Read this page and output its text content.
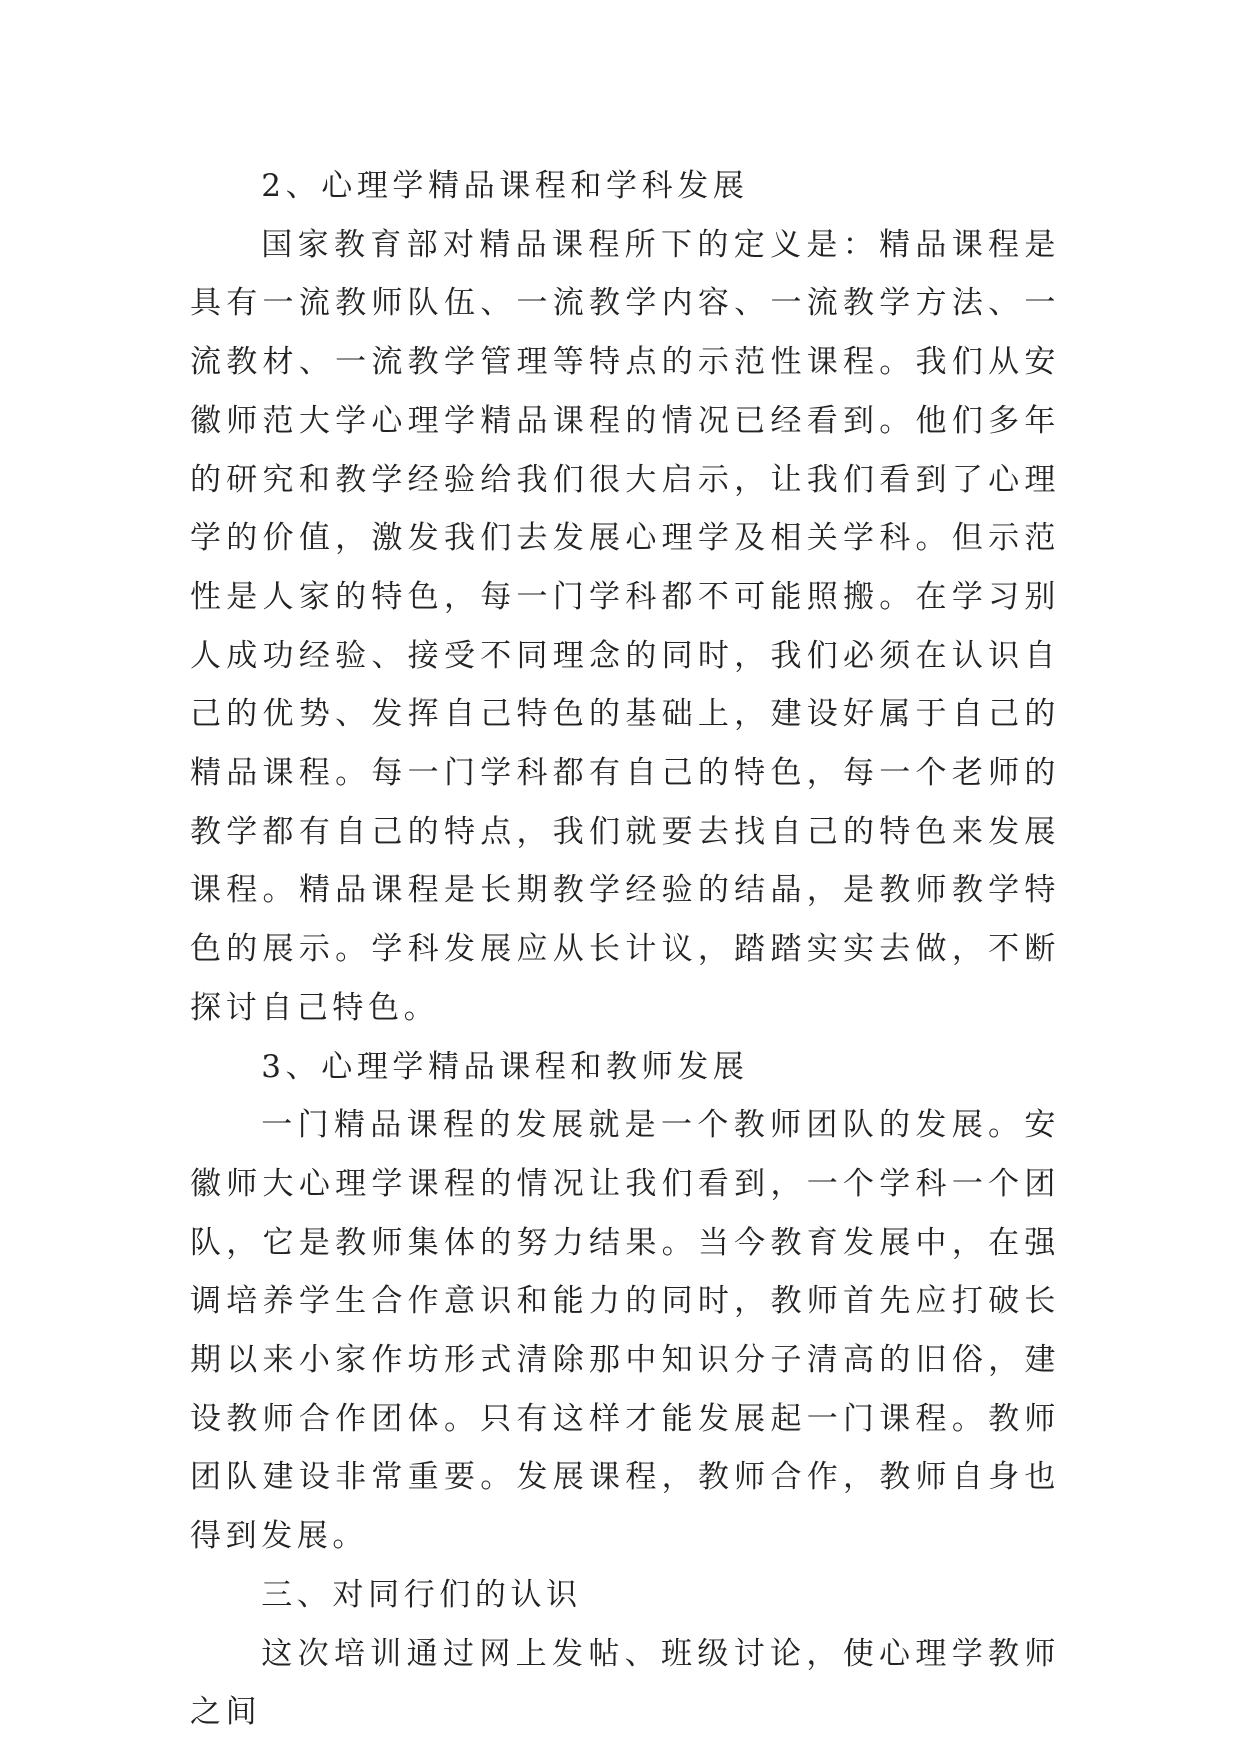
2、心理学精品课程和学科发展

国家教育部对精品课程所下的定义是：精品课程是具有一流教师队伍、一流教学内容、一流教学方法、一流教材、一流教学管理等特点的示范性课程。我们从安徽师范大学心理学精品课程的情况已经看到。他们多年的研究和教学经验给我们很大启示，让我们看到了心理学的价值，激发我们去发展心理学及相关学科。但示范性是人家的特色，每一门学科都不可能照搬。在学习别人成功经验、接受不同理念的同时，我们必须在认识自己的优势、发挥自己特色的基础上，建设好属于自己的精品课程。每一门学科都有自己的特色，每一个老师的教学都有自己的特点，我们就要去找自己的特色来发展课程。精品课程是长期教学经验的结晶，是教师教学特色的展示。学科发展应从长计议，踏踏实实去做，不断探讨自己特色。

3、心理学精品课程和教师发展

一门精品课程的发展就是一个教师团队的发展。安徽师大心理学课程的情况让我们看到，一个学科一个团队，它是教师集体的努力结果。当今教育发展中，在强调培养学生合作意识和能力的同时，教师首先应打破长期以来小家作坊形式清除那中知识分子清高的旧俗，建设教师合作团体。只有这样才能发展起一门课程。教师团队建设非常重要。发展课程，教师合作，教师自身也得到发展。

三、对同行们的认识

这次培训通过网上发帖、班级讨论，使心理学教师之间
